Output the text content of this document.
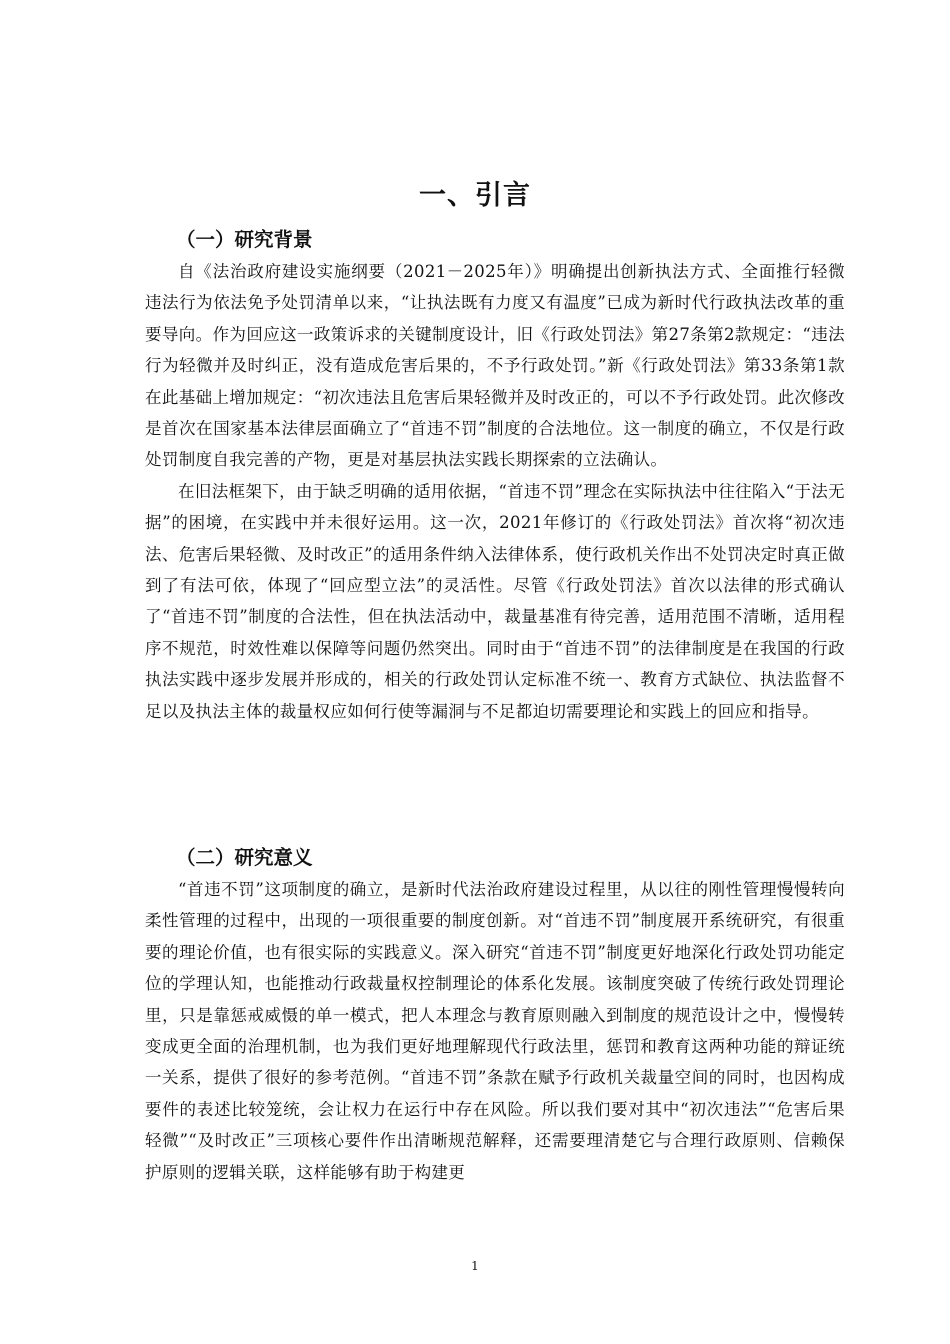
一、引言
（一）研究背景

自《法治政府建设实施纲要（2021－2025年）》明确提出创新执法方式、全面推行轻微违法行为依法免予处罚清单以来，“让执法既有力度又有温度”已成为新时代行政执法改革的重要导向。作为回应这一政策诉求的关键制度设计，旧《行政处罚法》第27条第2款规定：“违法行为轻微并及时纠正，没有造成危害后果的，不予行政处罚。”新《行政处罚法》第33条第1款在此基础上增加规定：“初次违法且危害后果轻微并及时改正的，可以不予行政处罚。此次修改是首次在国家基本法律层面确立了“首违不罚”制度的合法地位。这一制度的确立，不仅是行政处罚制度自我完善的产物，更是对基层执法实践长期探索的立法确认。

在旧法框架下，由于缺乏明确的适用依据，“首违不罚”理念在实际执法中往往陷入“于法无据”的困境，在实践中并未很好运用。这一次，2021年修订的《行政处罚法》首次将“初次违法、危害后果轻微、及时改正”的适用条件纳入法律体系，使行政机关作出不处罚决定时真正做到了有法可依，体现了“回应型立法”的灵活性。尽管《行政处罚法》首次以法律的形式确认了“首违不罚”制度的合法性，但在执法活动中，裁量基准有待完善，适用范围不清晰，适用程序不规范，时效性难以保障等问题仍然突出。同时由于“首违不罚”的法律制度是在我国的行政执法实践中逐步发展并形成的，相关的行政处罚认定标准不统一、教育方式缺位、执法监督不足以及执法主体的裁量权应如何行使等漏洞与不足都迫切需要理论和实践上的回应和指导。

（二）研究意义

“首违不罚”这项制度的确立，是新时代法治政府建设过程里，从以往的刚性管理慢慢转向柔性管理的过程中，出现的一项很重要的制度创新。对“首违不罚”制度展开系统研究，有很重要的理论价值，也有很实际的实践意义。深入研究“首违不罚”制度更好地深化行政处罚功能定位的学理认知，也能推动行政裁量权控制理论的体系化发展。该制度突破了传统行政处罚理论里，只是靠惩戒威慑的单一模式，把人本理念与教育原则融入到制度的规范设计之中，慢慢转变成更全面的治理机制，也为我们更好地理解现代行政法里，惩罚和教育这两种功能的辩证统一关系，提供了很好的参考范例。“首违不罚”条款在赋予行政机关裁量空间的同时，也因构成要件的表述比较笼统，会让权力在运行中存在风险。所以我们要对其中“初次违法”“危害后果轻微”“及时改正”三项核心要件作出清晰规范解释，还需要理清楚它与合理行政原则、信赖保护原则的逻辑关联，这样能够有助于构建更

1
